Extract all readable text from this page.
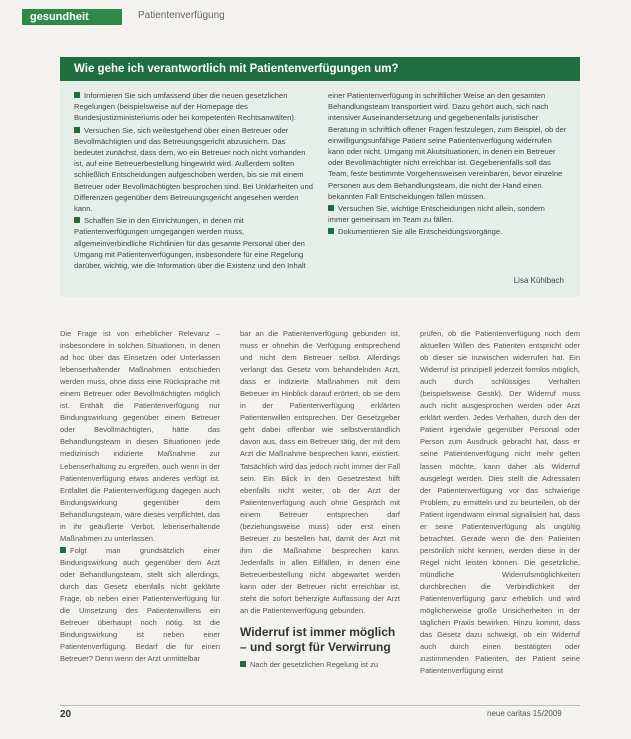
gesundheit	Patientenverfügung
Wie gehe ich verantwortlich mit Patientenverfügungen um?

Informieren Sie sich umfassend über die neuen gesetzlichen Regelungen (beispielsweise auf der Homepage des Bundesjustizministeriums oder bei kompetenten Rechtsanwälten).

Versuchen Sie, sich weitestgehend über einen Betreuer oder Bevollmächtigten und das Betreuungsgericht abzusichern. Das bedeutet zunächst, dass dem, wo ein Betreuer noch nicht vorhanden ist, auf eine Betreuerbestellung hingewirkt wird. Außerdem sollten schließlich Entscheidungen aufgeschoben werden, bis sie mit einem Betreuer oder Bevollmächtigten besprochen sind. Bei Unklarheiten und Differenzen gegenüber dem Betreuungsgericht angesehen werden kann.

Schaffen Sie in den Einrichtungen, in denen mit Patientenverfügungen umgegangen werden muss, allgemeinverbindliche Richtlinien für das gesamte Personal über den Umgang mit Patientenverfügungen, insbesondere für eine Regelung darüber, wichtig, wie die Information über die Existenz und den Inhalt

einer Patientenverfügung in schriftlicher Weise an den gesamten Behandlungsteam transportiert wird. Dazu gehört auch, sich nach intensiver Auseinandersetzung und gegebenenfalls juristischer Beratung in schriftlich offener Fragen festzulegen, zum Beispiel, ob der einwilligungsunfähige Patient seine Patientenverfügung widerrufen kann oder nicht. Umgang mit Akutsituationen, in denen ein Betreuer oder Bevollmächtigter nicht erreichbar ist. Gegebenenfalls soll das Team, feste bestimmte Vorgehensweisen vereinbaren, bevor einzelne Personen aus dem Behandlungsteam, die nicht der Hand einen bekannten Fall Entscheidungen fällen müssen.

Versuchen Sie, wichtige Entscheidungen nicht allein, sondern immer gemeinsam im Team zu fällen.

Dokumentieren Sie alle Entscheidungsvorgänge.

Lisa Kühlbach

Die Frage ist von erheblicher Relevanz – insbesondere in solchen Situationen, in denen ad hoc über das Einsetzen oder Unterlassen lebenserhaltender Maßnahmen entschieden werden muss, ohne dass eine Rücksprache mit einem Betreuer oder Bevollmächtigten möglich ist. Enthält die Patientenverfügung nur Bindungswirkung gegenüber einem Betreuer oder Bevollmächtigten, hätte das Behandlungsteam in diesen Situationen jede medizinisch indizierte Maßnahme zur Lebenserhaltung zu ergreifen, auch wenn in der Patientenverfügung etwas anderes verfügt ist. Entfaltet die Patientenverfügung dagegen auch Bindungswirkung gegenüber dem Behandlungsteam, wäre dieses verpflichtet, das in ihr geäußerte Verbot, lebenserhaltende Maßnahmen zu unterlassen.

Folgt man grundsätzlich einer Bindungswirkung auch gegenüber dem Arzt oder Behandlungsteam, stellt sich allerdings, durch das Gesetz ebenfalls nicht geklärte Frage, ob neben einer Patientenverfügung für die Umsetzung des Patientenwillens ein Betreuer überhaupt noch nötig. Ist die Bindungswirkung ist neben einer Patientenverfügung. Bedarf die für einen Betreuer? Denn wenn der Arzt unmittelbar

bar an die Patientenverfügung gebunden ist, muss er ohnehin die Verfügung entsprechend und nicht dem Betreuer selbst. Allerdings verlangt das Gesetz vom behandelnden Arzt, dass er indizierte Maßnahmen mit dem Betreuer im Hinblick darauf erörtert, ob sie dem in der Patientenverfügung erklärten Patientenwillen entsprechen. Der Gesetzgeber geht dabei offenbar wie selbstverständlich davon aus, dass ein Betreuer tätig, der mit dem Arzt die Maßnahme besprechen kann, existiert. Tatsächlich wird das jedoch nicht immer der Fall sein. Ein Blick in den Gesetzestext hilft ebenfalls nicht weiter, ob der Arzt der Patientenverfügung auch ohne Gespräch mit einem Betreuer entsprechen darf (beziehungsweise muss) oder erst einen Betreuer zu bestellen hat, damit der Arzt mit ihm die Maßnahme besprechen kann. Jedenfalls in allen Eilfällen, in denen eine Betreuerbestellung nicht abgewartet werden kann oder der Betreuer nicht erreichbar ist, steht die sofort beherzigte Auffassung der Arzt an die Patientenverfügung gebunden.

Widerruf ist immer möglich – und sorgt für Verwirrung

Nach der gesetzlichen Regelung ist zu

prüfen, ob die Patientenverfügung noch dem aktuellen Willen des Patienten entspricht oder ob dieser sie inzwischen widerrufen hat. Ein Widerruf ist prinzipiell jederzeit formlos möglich, auch durch schlüssiges Verhalten (beispielsweise Gestik). Der Widerruf muss auch nicht ausgesprochen werden oder Arzt erklärt werden. Jedes Verhalten, durch den der Patient irgendwie gegenüber Personal oder Person zum Ausdruck gebracht hat, dass er seine Patientenverfügung nicht mehr gelten lassen möchte, kann daher als Widerruf ausgelegt werden. Dies stellt die Adressaten der Patientenverfügung vor das schwierige Problem, zu ermitteln und zu beurteilen, ob der Patient irgendwann einmal signalisiert hat, dass er seine Patientenverfügung als ungültig betrachtet. Gerade wenn die den Patienten persönlich nicht kennen, werden diese in der Regel nicht leisten können. Die gesetzliche, mündliche Widerrufsmöglichkeiten durchbrechen die Verbindlichkeit der Patientenverfügung ganz erheblich und wird möglicherweise große Unsicherheiten in der täglichen Praxis bewirken. Hinzu kommt, dass das Gesetz dazu schweigt, ob ein Widerruf auch durch einen bestätigten oder zustimmenden Patienten, der Patient seine Patientenverfügung einst

20	neue caritas 15/2009
